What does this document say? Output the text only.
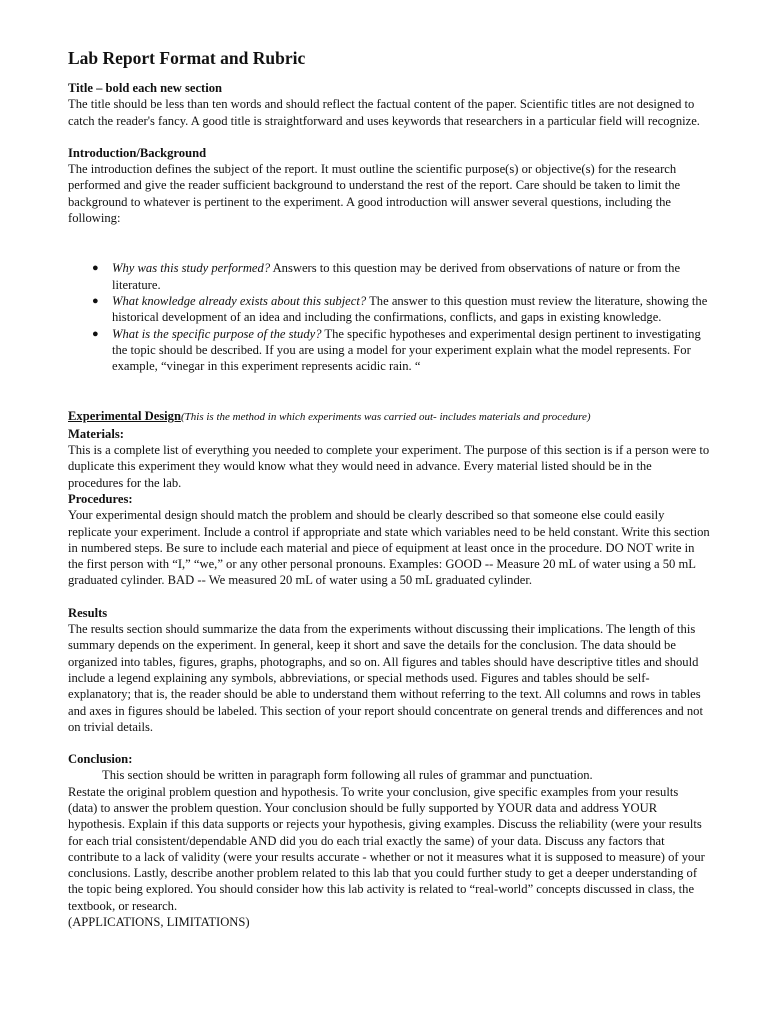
Lab Report Format and Rubric
Title – bold each new section

The title should be less than ten words and should reflect the factual content of the paper. Scientific titles are not designed to catch the reader's fancy. A good title is straightforward and uses keywords that researchers in a particular field will recognize.

Introduction/Background

The introduction defines the subject of the report. It must outline the scientific purpose(s) or objective(s) for the research performed and give the reader sufficient background to understand the rest of the report. Care should be taken to limit the background to whatever is pertinent to the experiment. A good introduction will answer several questions, including the following:

● Why was this study performed? Answers to this question may be derived from observations of nature or from the literature.
● What knowledge already exists about this subject? The answer to this question must review the literature, showing the historical development of an idea and including the confirmations, conflicts, and gaps in existing knowledge.
● What is the specific purpose of the study? The specific hypotheses and experimental design pertinent to investigating the topic should be described. If you are using a model for your experiment explain what the model represents. For example, “vinegar in this experiment represents acidic rain. “
Experimental Design(This is the method in which experiments was carried out- includes materials and procedure)
Materials:

This is a complete list of everything you needed to complete your experiment. The purpose of this section is if a person were to duplicate this experiment they would know what they would need in advance. Every material listed should be in the procedures for the lab.

Procedures:

Your experimental design should match the problem and should be clearly described so that someone else could easily replicate your experiment. Include a control if appropriate and state which variables need to be held constant. Write this section in numbered steps. Be sure to include each material and piece of equipment at least once in the procedure. DO NOT write in the first person with “I,” “we,” or any other personal pronouns. Examples: GOOD -- Measure 20 mL of water using a 50 mL graduated cylinder. BAD -- We measured 20 mL of water using a 50 mL graduated cylinder.

Results

The results section should summarize the data from the experiments without discussing their implications. The length of this summary depends on the experiment. In general, keep it short and save the details for the conclusion. The data should be organized into tables, figures, graphs, photographs, and so on. All figures and tables should have descriptive titles and should include a legend explaining any symbols, abbreviations, or special methods used. Figures and tables should be self-explanatory; that is, the reader should be able to understand them without referring to the text. All columns and rows in tables and axes in figures should be labeled. This section of your report should concentrate on general trends and differences and not on trivial details.

Conclusion:

This section should be written in paragraph form following all rules of grammar and punctuation.

Restate the original problem question and hypothesis. To write your conclusion, give specific examples from your results (data) to answer the problem question. Your conclusion should be fully supported by YOUR data and address YOUR hypothesis. Explain if this data supports or rejects your hypothesis, giving examples. Discuss the reliability (were your results for each trial consistent/dependable AND did you do each trial exactly the same) of your data. Discuss any factors that contribute to a lack of validity (were your results accurate - whether or not it measures what it is supposed to measure) of your conclusions. Lastly, describe another problem related to this lab that you could further study to get a deeper understanding of the topic being explored. You should consider how this lab activity is related to “real-world” concepts discussed in class, the textbook, or research.

(APPLICATIONS, LIMITATIONS)
